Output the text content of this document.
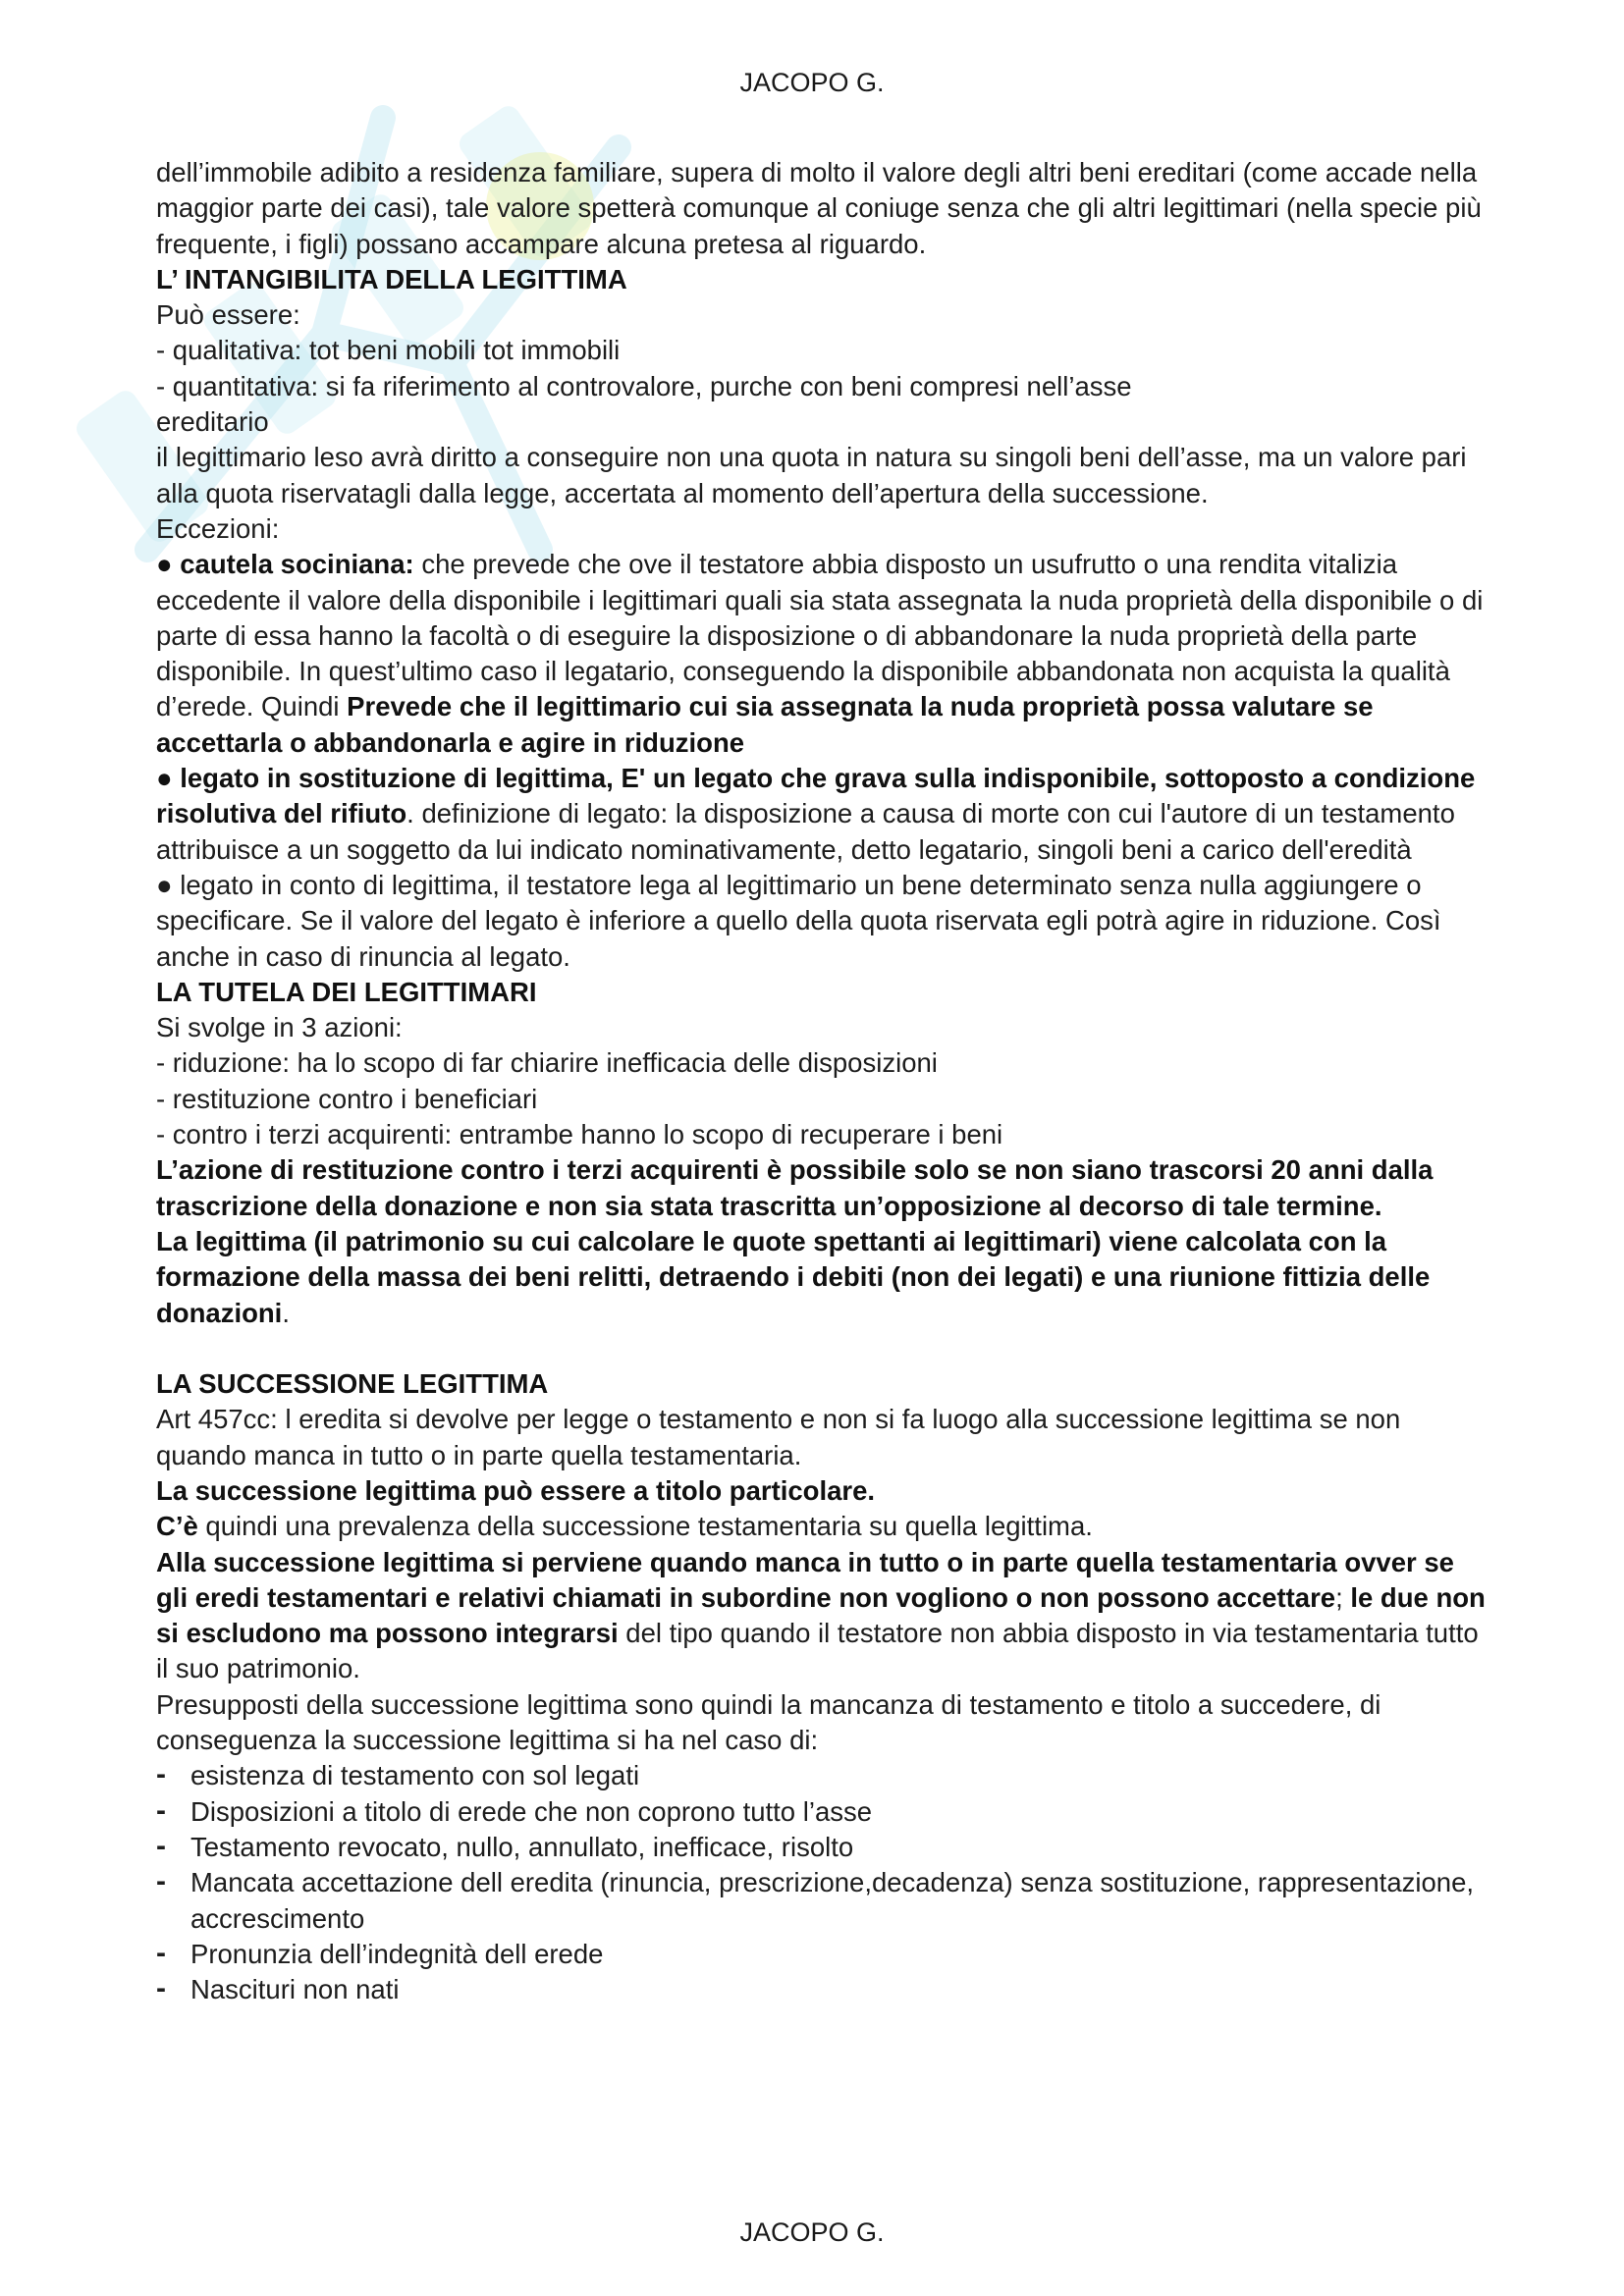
JACOPO G.

dell’immobile adibito a residenza familiare, supera di molto il valore degli altri beni ereditari (come accade nella maggior parte dei casi), tale valore spetterà comunque al coniuge senza che gli altri legittimari (nella specie più frequente, i figli) possano accampare alcuna pretesa al riguardo.

L’ INTANGIBILITA DELLA LEGITTIMA

Può essere:

- qualitativa: tot beni mobili tot immobili

- quantitativa: si fa riferimento al controvalore, purche con beni compresi nell’asse

ereditario

il legittimario leso avrà diritto a conseguire non una quota in natura su singoli beni dell’asse, ma un valore pari alla quota riservatagli dalla legge, accertata al momento dell’apertura della successione.

Eccezioni:

● cautela sociniana: che prevede che ove il testatore abbia disposto un usufrutto o una rendita vitalizia eccedente il valore della disponibile i legittimari quali sia stata assegnata la nuda proprietà della disponibile o di parte di essa hanno la facoltà o di eseguire la disposizione o di abbandonare la nuda proprietà della parte disponibile. In quest’ultimo caso il legatario, conseguendo la disponibile abbandonata non acquista la qualità d’erede. Quindi Prevede che il legittimario cui sia assegnata la nuda proprietà possa valutare se accettarla o abbandonarla e agire in riduzione

● legato in sostituzione di legittima, E' un legato che grava sulla indisponibile, sottoposto a condizione risolutiva del rifiuto. definizione di legato: la disposizione a causa di morte con cui l'autore di un testamento attribuisce a un soggetto da lui indicato nominativamente, detto legatario, singoli beni a carico dell'eredità

● legato in conto di legittima, il testatore lega al legittimario un bene determinato senza nulla aggiungere o specificare. Se il valore del legato è inferiore a quello della quota riservata egli potrà agire in riduzione. Così anche in caso di rinuncia al legato.

LA TUTELA DEI LEGITTIMARI

Si svolge in 3 azioni:

- riduzione: ha lo scopo di far chiarire inefficacia delle disposizioni

- restituzione contro i beneficiari

- contro i terzi acquirenti: entrambe hanno lo scopo di recuperare i beni

L’azione di restituzione contro i terzi acquirenti è possibile solo se non siano trascorsi 20 anni dalla trascrizione della donazione e non sia stata trascritta un’opposizione al decorso di tale termine.

La legittima (il patrimonio su cui calcolare le quote spettanti ai legittimari) viene calcolata con la formazione della massa dei beni relitti, detraendo i debiti (non dei legati) e una riunione fittizia delle donazioni.

LA SUCCESSIONE LEGITTIMA

Art 457cc: l eredita si devolve per legge o testamento e non si fa luogo alla successione legittima se non quando manca in tutto o in parte quella testamentaria.

La successione legittima può essere a titolo particolare.

C’è quindi una prevalenza della successione testamentaria su quella legittima.

Alla successione legittima si perviene quando manca in tutto o in parte quella testamentaria ovver se gli eredi testamentari e relativi chiamati in subordine non vogliono o non possono accettare; le due non si escludono ma possono integrarsi del tipo quando il testatore non abbia disposto in via testamentaria tutto il suo patrimonio.

Presupposti della successione legittima sono quindi la mancanza di testamento e titolo a succedere, di conseguenza la successione legittima si ha nel caso di:

- esistenza di testamento con sol legati
- Disposizioni a titolo di erede che non coprono tutto l’asse
- Testamento revocato, nullo, annullato, inefficace, risolto
- Mancata accettazione dell eredita (rinuncia, prescrizione,decadenza) senza sostituzione, rappresentazione, accrescimento
- Pronunzia dell’indegnità dell erede
- Nascituri non nati
JACOPO G.
